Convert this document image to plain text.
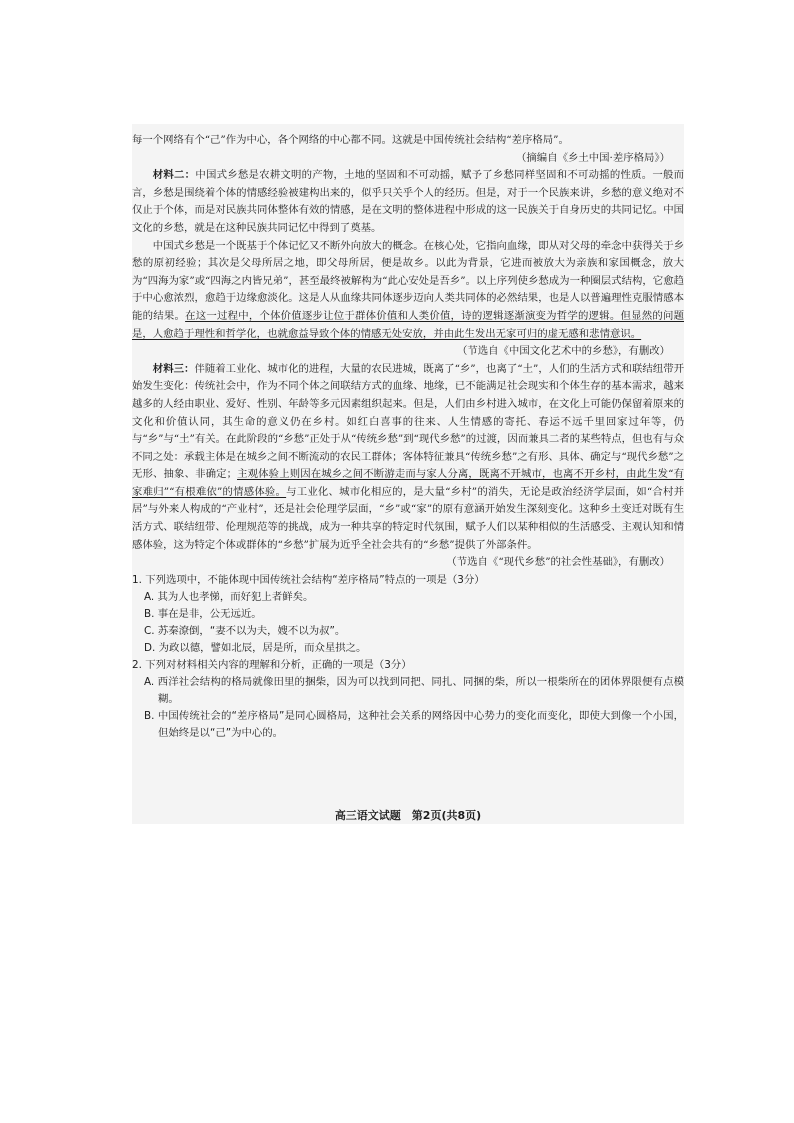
每一个网络有个“己”作为中心，各个网络的中心都不同。这就是中国传统社会结构“差序格局”。

（摘编自《乡土中国·差序格局》）

材料二：中国式乡愁是农耕文明的产物，土地的坚固和不可动摇，赋予了乡愁同样坚固和不可动摇的性质。一般而言，乡愁是围绕着个体的情感经验被建构出来的，似乎只关乎个人的经历。但是，对于一个民族来讲，乡愁的意义绝对不仅止于个体，而是对民族共同体整体有效的情感，是在文明的整体进程中形成的这一民族关于自身历史的共同记忆。中国文化的乡愁，就是在这种民族共同记忆中得到了奠基。

中国式乡愁是一个既基于个体记忆又不断外向放大的概念。在核心处，它指向血缘，即从对父母的牵念中获得关于乡愁的原初经验；其次是父母所居之地，即父母所居，便是故乡。以此为背景，它进而被放大为亲族和家国概念，放大为“四海为家”或“四海之内皆兄弟”，甚至最终被解构为“此心安处是吾乡”。以上序列使乡愁成为一种圈层式结构，它愈趋于中心愈浓烈，愈趋于边缘愈淡化。这是人从血缘共同体逐步迈向人类共同体的必然结果，也是人以普遍理性克服情感本能的结果。在这一过程中，个体价值逐步让位于群体价值和人类价值，诗的逻辑逐渐演变为哲学的逻辑。但显然的问题是，人愈趋于理性和哲学化，也就愈益导致个体的情感无处安放，并由此生发出无家可归的虚无感和悲情意识。

（节选自《中国文化艺术中的乡愁》，有删改）

材料三：伴随着工业化、城市化的进程，大量的农民进城，既离了“乡”，也离了“土”，人们的生活方式和联结纽带开始发生变化：传统社会中，作为不同个体之间联结方式的血缘、地缘，已不能满足社会现实和个体生存的基本需求，越来越多的人经由职业、爱好、性别、年龄等多元因素组织起来。但是，人们由乡村进入城市，在文化上可能仍保留着原来的文化和价值认同，其生命的意义仍在乡村。如红白喜事的往来、人生情感的寄托、春运不远千里回家过年等，仍与“乡”与“土”有关。在此阶段的“乡愁”正处于从“传统乡愁”到“现代乡愁”的过渡，因而兼具二者的某些特点，但也有与众不同之处：承载主体是在城乡之间不断流动的农民工群体；客体特征兼具“传统乡愁”之有形、具体、确定与“现代乡愁”之无形、抽象、非确定；主观体验上则因在城乡之间不断游走而与家人分离，既离不开城市，也离不开乡村，由此生发“有家难归”“有根难依”的情感体验。与工业化、城市化相应的，是大量“乡村”的消失，无论是政治经济学层面，如“合村并居”与外来人构成的“产业村”，还是社会伦理学层面，“乡”或“家”的原有意涵开始发生深刻变化。这种乡土变迁对既有生活方式、联结纽带、伦理规范等的挑战，成为一种共享的特定时代氛围，赋予人们以某种相似的生活感受、主观认知和情感体验，这为特定个体或群体的“乡愁”扩展为近乎全社会共有的“乡愁”提供了外部条件。

（节选自《“现代乡愁”的社会性基础》，有删改）

1. 下列选项中，不能体现中国传统社会结构“差序格局”特点的一项是（3分）

A. 其为人也孝悌，而好犯上者鲜矣。

B. 事在是非，公无远近。

C. 苏秦潦倒，“妻不以为夫，嫂不以为叔”。

D. 为政以德，譬如北辰，居是所，而众星拱之。

2. 下列对材料相关内容的理解和分析，正确的一项是（3分）

A. 西洋社会结构的格局就像田里的捆柴，因为可以找到同把、同扎、同捆的柴，所以一根柴所在的团体界限便有点模糊。

B. 中国传统社会的“差序格局”是同心圆格局，这种社会关系的网络因中心势力的变化而变化，即使大到像一个小国，但始终是以“己”为中心的。

高三语文试题　第2页(共8页)
